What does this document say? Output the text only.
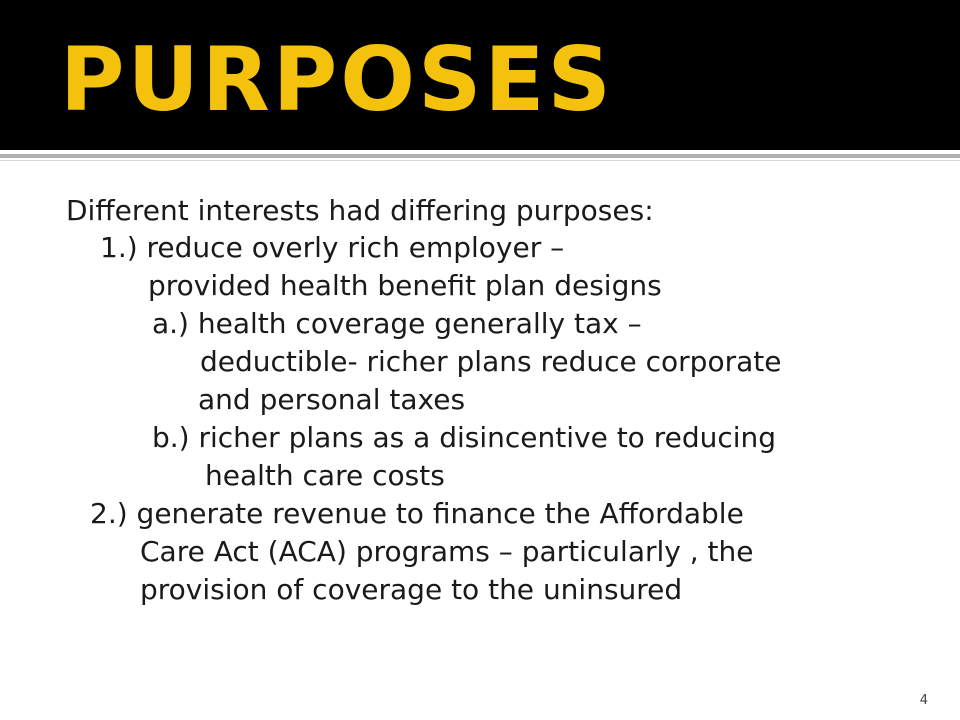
PURPOSES

Different interests had differing purposes:

1.) reduce overly rich employer –

provided health benefit plan designs

a.) health coverage generally tax –

deductible- richer plans reduce corporate

and personal taxes

b.) richer plans as a disincentive to reducing

health care costs

2.) generate revenue to finance the Affordable

Care Act (ACA) programs – particularly , the

provision of coverage to the uninsured

4
